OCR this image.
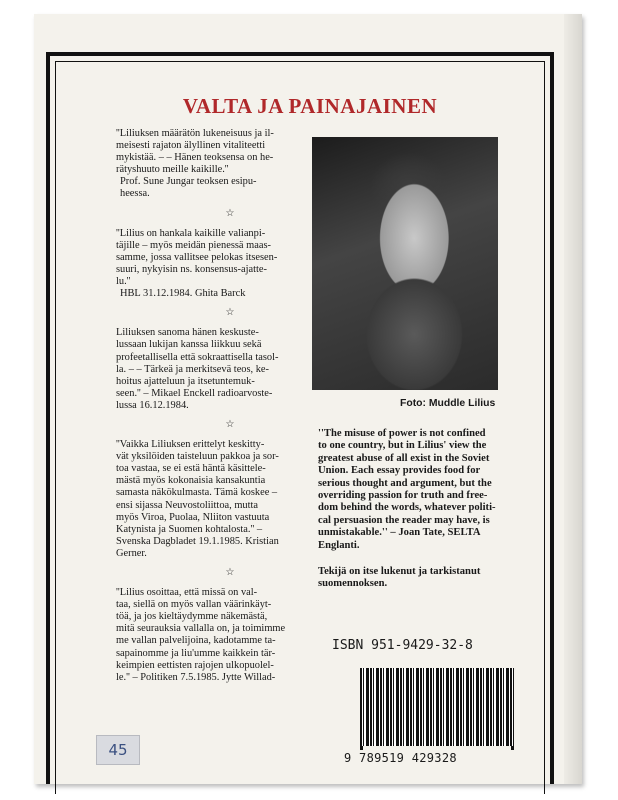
VALTA JA PAINAJAINEN

''Liliuksen määrätön lukeneisuus ja il-

meisesti rajaton älyllinen vitaliteetti

mykistää. – – Hänen teoksensa on he-

rätyshuuto meille kaikille.''

Prof. Sune Jungar teoksen esipu-

heessa.

☆

''Lilius on hankala kaikille valianpi-

täjille – myös meidän pienessä maas-

samme, jossa vallitsee pelokas itsesen-

suuri, nykyisin ns. konsensus-ajatte-

lu.''

HBL 31.12.1984. Ghita Barck

☆

Liliuksen sanoma hänen keskuste-

lussaan lukijan kanssa liikkuu sekä

profeetallisella että sokraattisella tasol-

la. – – Tärkeä ja merkitsevä teos, ke-

hoitus ajatteluun ja itsetuntemuk-

seen.'' – Mikael Enckell radioarvoste-

lussa 16.12.1984.

☆

''Vaikka Liliuksen erittelyt keskitty-

vät yksilöiden taisteluun pakkoa ja sor-

toa vastaa, se ei estä häntä käsittele-

mästä myös kokonaisia kansakuntia

samasta näkökulmasta. Tämä koskee –

ensi sijassa Neuvostoliittoa, mutta

myös Viroa, Puolaa, Nliiton vastuuta

Katynista ja Suomen kohtalosta.'' –

Svenska Dagbladet 19.1.1985. Kristian

Gerner.

☆

''Lilius osoittaa, että missä on val-

taa, siellä on myös vallan väärinkäyt-

töä, ja jos kieltäydymme näkemästä,

mitä seurauksia vallalla on, ja toimimme

me vallan palvelijoina, kadotamme ta-

sapainomme ja liu'umme kaikkein tär-

keimpien eettisten rajojen ulkopuolel-

le.'' – Politiken 7.5.1985. Jytte Willad-

Foto: Muddle Lilius

''The misuse of power is not confined

to one country, but in Lilius' view the

greatest abuse of all exist in the Soviet

Union. Each essay provides food for

serious thought and argument, but the

overriding passion for truth and free-

dom behind the words, whatever politi-

cal persuasion the reader may have, is

unmistakable.'' – Joan Tate, SELTA

Englanti.

Tekijä on itse lukenut ja tarkistanut

suomennoksen.

ISBN 951-9429-32-8
9 789519 429328
45
